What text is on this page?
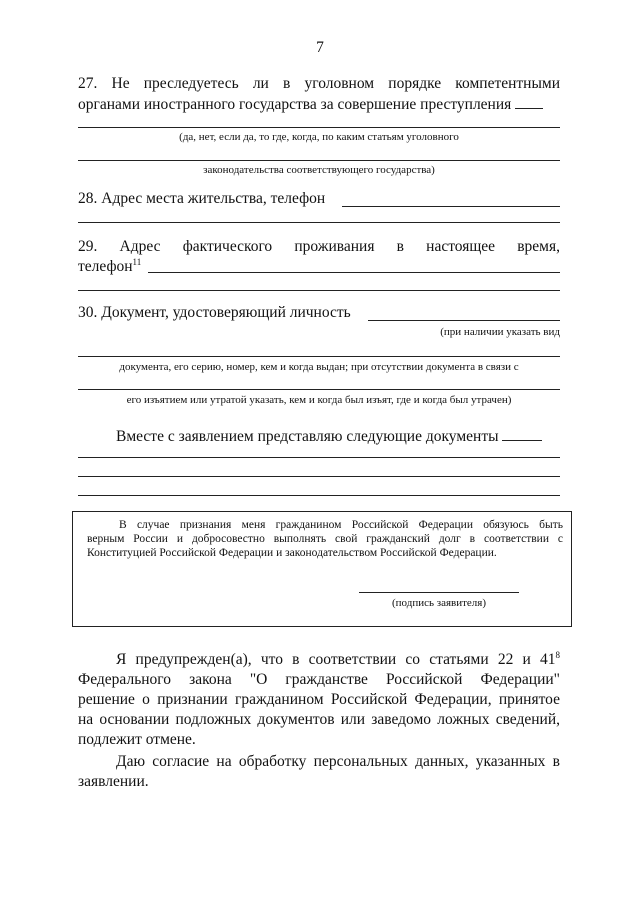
7
27. Не преследуетесь ли в уголовном порядке компетентными
органами иностранного государства за совершение преступления
(да, нет, если да, то где, когда, по каким статьям уголовного
законодательства соответствующего государства)
28. Адрес места жительства, телефон
29. Адрес фактического проживания в настоящее время,
телефон$^{11}$
30. Документ, удостоверяющий личность
(при наличии указать вид
документа, его серию, номер, кем и когда выдан; при отсутствии документа в связи с
его изъятием или утратой указать, кем и когда был изъят, где и когда был утрачен)
Вместе с заявлением представляю следующие документы
В случае признания меня гражданином Российской Федерации обязуюсь быть
верным России и добросовестно выполнять свой гражданский долг в соответствии с
Конституцией Российской Федерации и законодательством Российской Федерации.
(подпись заявителя)
Я предупрежден(а), что в соответствии со статьями 22 и $41^8$
Федерального закона "О гражданстве Российской Федерации"
решение о признании гражданином Российской Федерации, принятое
на основании подложных документов или заведомо ложных сведений,
подлежит отмене.
Даю согласие на обработку персональных данных, указанных в
заявлении.
